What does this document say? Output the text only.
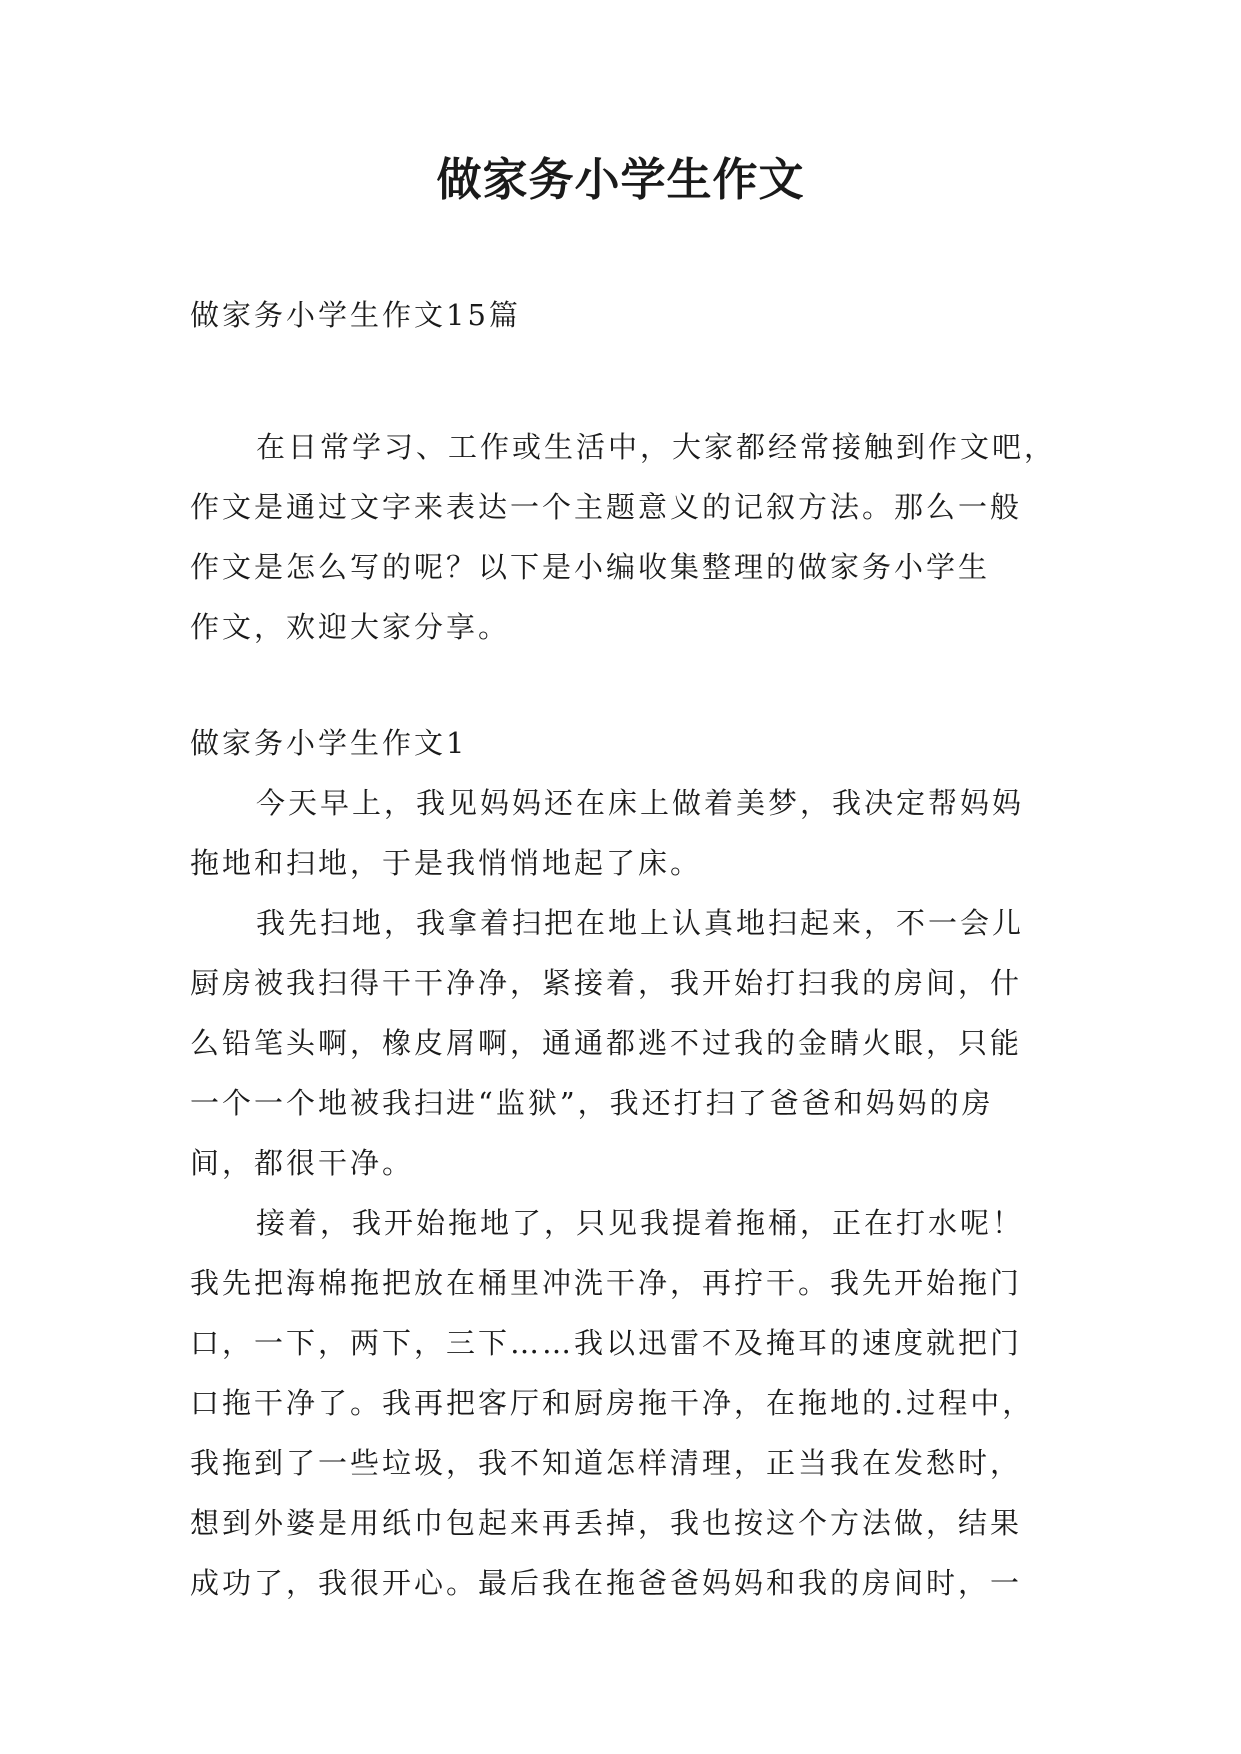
做家务小学生作文

做家务小学生作文15篇

在日常学习、工作或生活中，大家都经常接触到作文吧，

作文是通过文字来表达一个主题意义的记叙方法。那么一般

作文是怎么写的呢？以下是小编收集整理的做家务小学生

作文，欢迎大家分享。

做家务小学生作文1

今天早上，我见妈妈还在床上做着美梦，我决定帮妈妈

拖地和扫地，于是我悄悄地起了床。

我先扫地，我拿着扫把在地上认真地扫起来，不一会儿

厨房被我扫得干干净净，紧接着，我开始打扫我的房间，什

么铅笔头啊，橡皮屑啊，通通都逃不过我的金睛火眼，只能

一个一个地被我扫进“监狱”，我还打扫了爸爸和妈妈的房

间，都很干净。

接着，我开始拖地了，只见我提着拖桶，正在打水呢！

我先把海棉拖把放在桶里冲洗干净，再拧干。我先开始拖门

口，一下，两下，三下……我以迅雷不及掩耳的速度就把门

口拖干净了。我再把客厅和厨房拖干净，在拖地的.过程中，

我拖到了一些垃圾，我不知道怎样清理，正当我在发愁时，

想到外婆是用纸巾包起来再丢掉，我也按这个方法做，结果

成功了，我很开心。最后我在拖爸爸妈妈和我的房间时，一
